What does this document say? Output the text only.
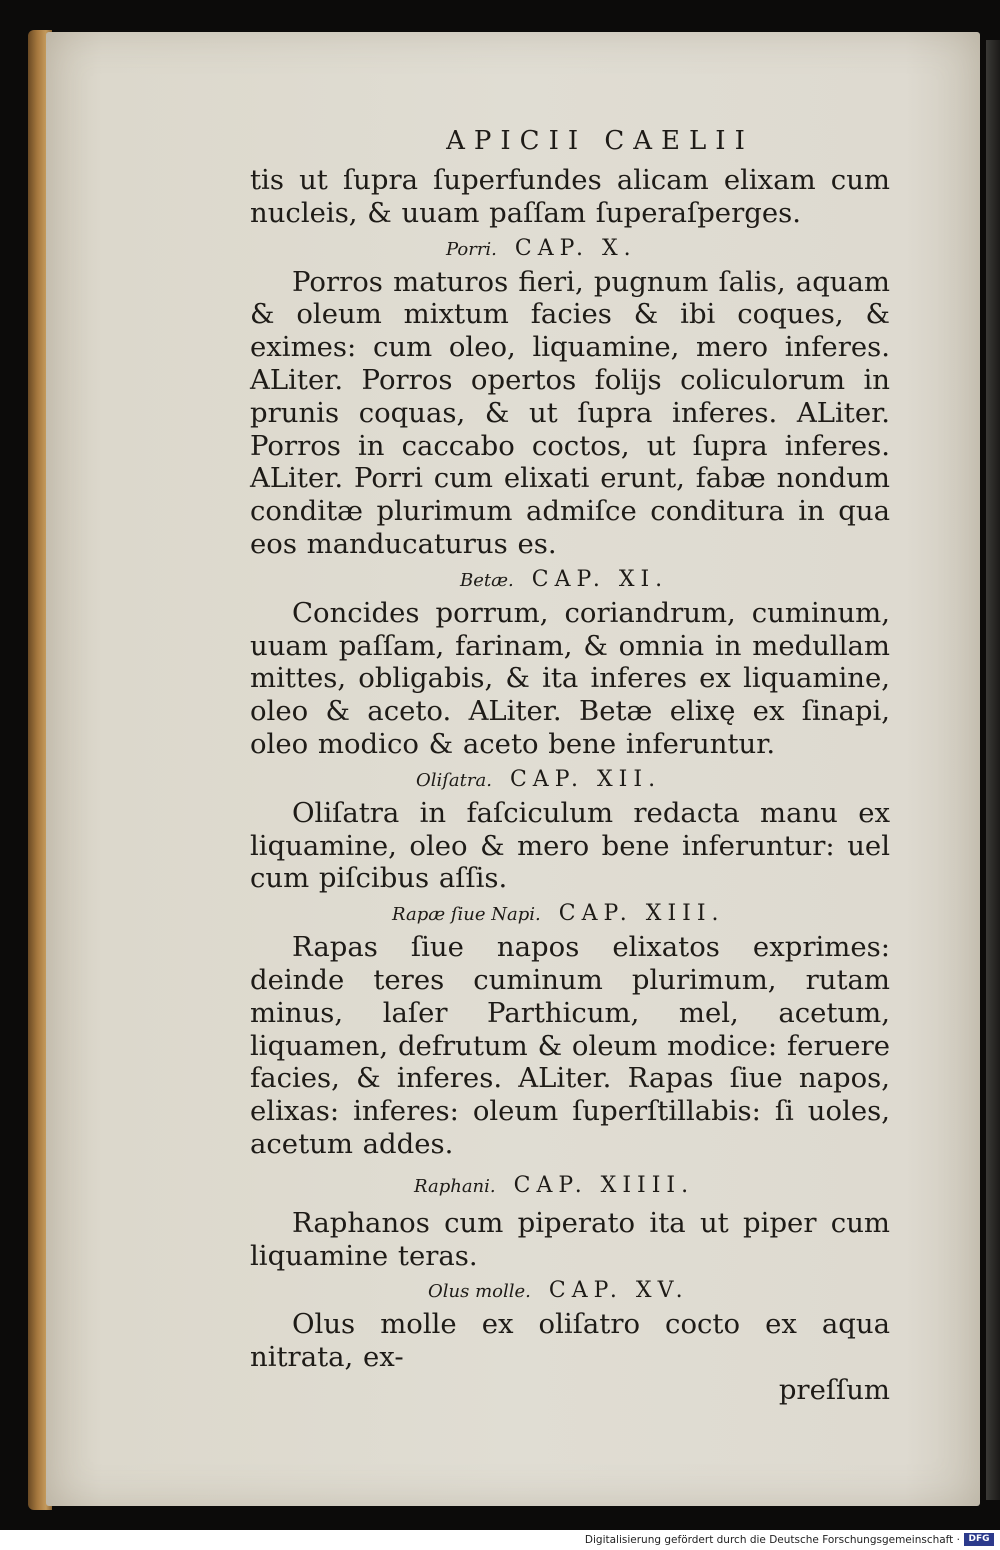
APICII CAELII

tis ut ſupra ſuperfundes alicam elixam cum nucleis, & uuam paſſam ſuperaſperges.

Porri. CAP. X.

Porros maturos fieri, pugnum ſalis, aquam & oleum mixtum facies & ibi coques, & eximes: cum oleo, liquamine, mero inferes. ALiter. Porros opertos folijs coliculorum in prunis coquas, & ut ſupra inferes. ALiter. Porros in caccabo coctos, ut ſupra inferes. ALiter. Porri cum elixati erunt, fabæ nondum conditæ plurimum admiſce conditura in qua eos manducaturus es.

Betæ. CAP. XI.

Concides porrum, coriandrum, cuminum, uuam paſſam, farinam, & omnia in medullam mittes, obligabis, & ita inferes ex liquamine, oleo & aceto. ALiter. Betæ elixę ex ſinapi, oleo modico & aceto bene inferuntur.

Oliſatra. CAP. XII.

Oliſatra in faſciculum redacta manu ex liquamine, oleo & mero bene inferuntur: uel cum piſcibus aſſis.

Rapæ ſiue Napi. CAP. XIII.

Rapas ſiue napos elixatos exprimes: deinde teres cuminum plurimum, rutam minus, laſer Parthicum, mel, acetum, liquamen, defrutum & oleum modice: feruere facies, & inferes. ALiter. Rapas ſiue napos, elixas: inferes: oleum ſuperſtillabis: ſi uoles, acetum addes.

Raphani. CAP. XIIII.

Raphanos cum piperato ita ut piper cum liquamine teras.

Olus molle. CAP. XV.

Olus molle ex oliſatro cocto ex aqua nitrata, ex-

preſſum

Digitalisierung gefördert durch die Deutsche Forschungsgemeinschaft · DFG
